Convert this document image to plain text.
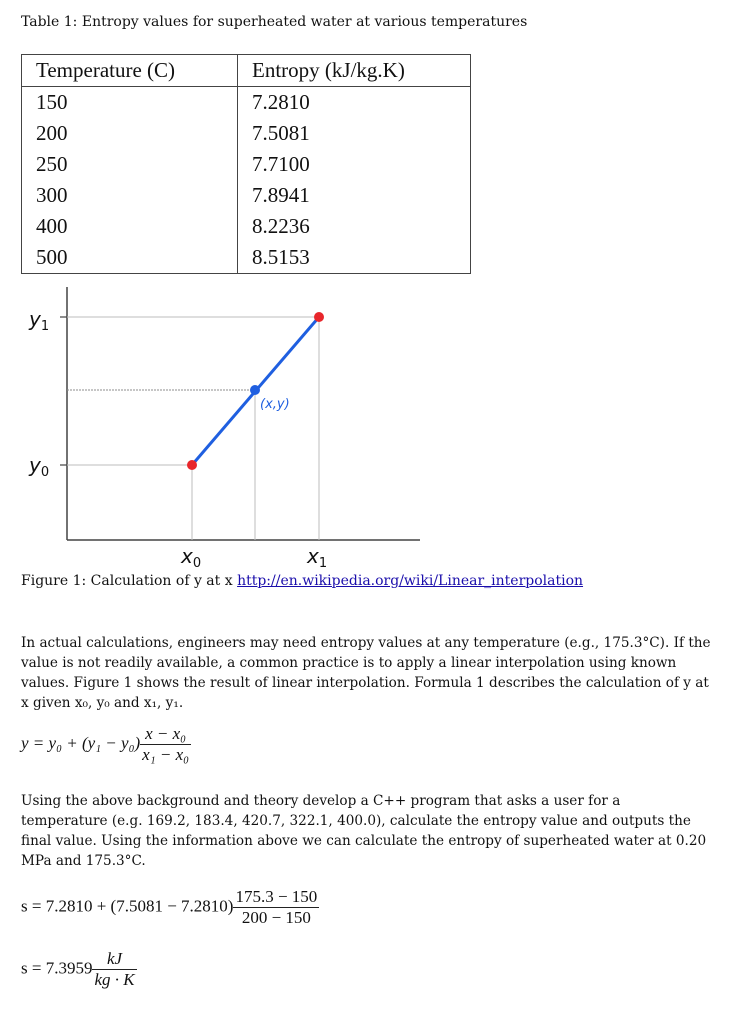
Table 1: Entropy values for superheated water at various temperatures
Temperature (C)	Entropy (kJ/kg.K)
150	7.2810
200	7.5081
250	7.7100
300	7.8941
400	8.2236
500	8.5153
$y_1$
$y_0$
$x_0$	$x_1$
(x,y)
Figure 1: Calculation of y at x http://en.wikipedia.org/wiki/Linear_interpolation
In actual calculations, engineers may need entropy values at any temperature (e.g., 175.3°C). If the value is not readily available, a common practice is to apply a linear interpolation using known values. Figure 1 shows the result of linear interpolation. Formula 1 describes the calculation of y at x given x₀, y₀ and x₁, y₁.
$y = y_0 + (y_1 - y_0) \frac{\text{x − x₀}}{\text{x₁ − x₀}}$
Using the above background and theory develop a C++ program that asks a user for a temperature (e.g. 169.2, 183.4, 420.7, 322.1, 400.0), calculate the entropy value and outputs the final value. Using the information above we can calculate the entropy of superheated water at 0.20 MPa and 175.3°C.
$s = 7.2810 + (7.5081 - 7.2810) \frac{175.3 - 150}{200 - 150}$
$s = 7.3959 \frac{kJ}{kg \cdot K}$
